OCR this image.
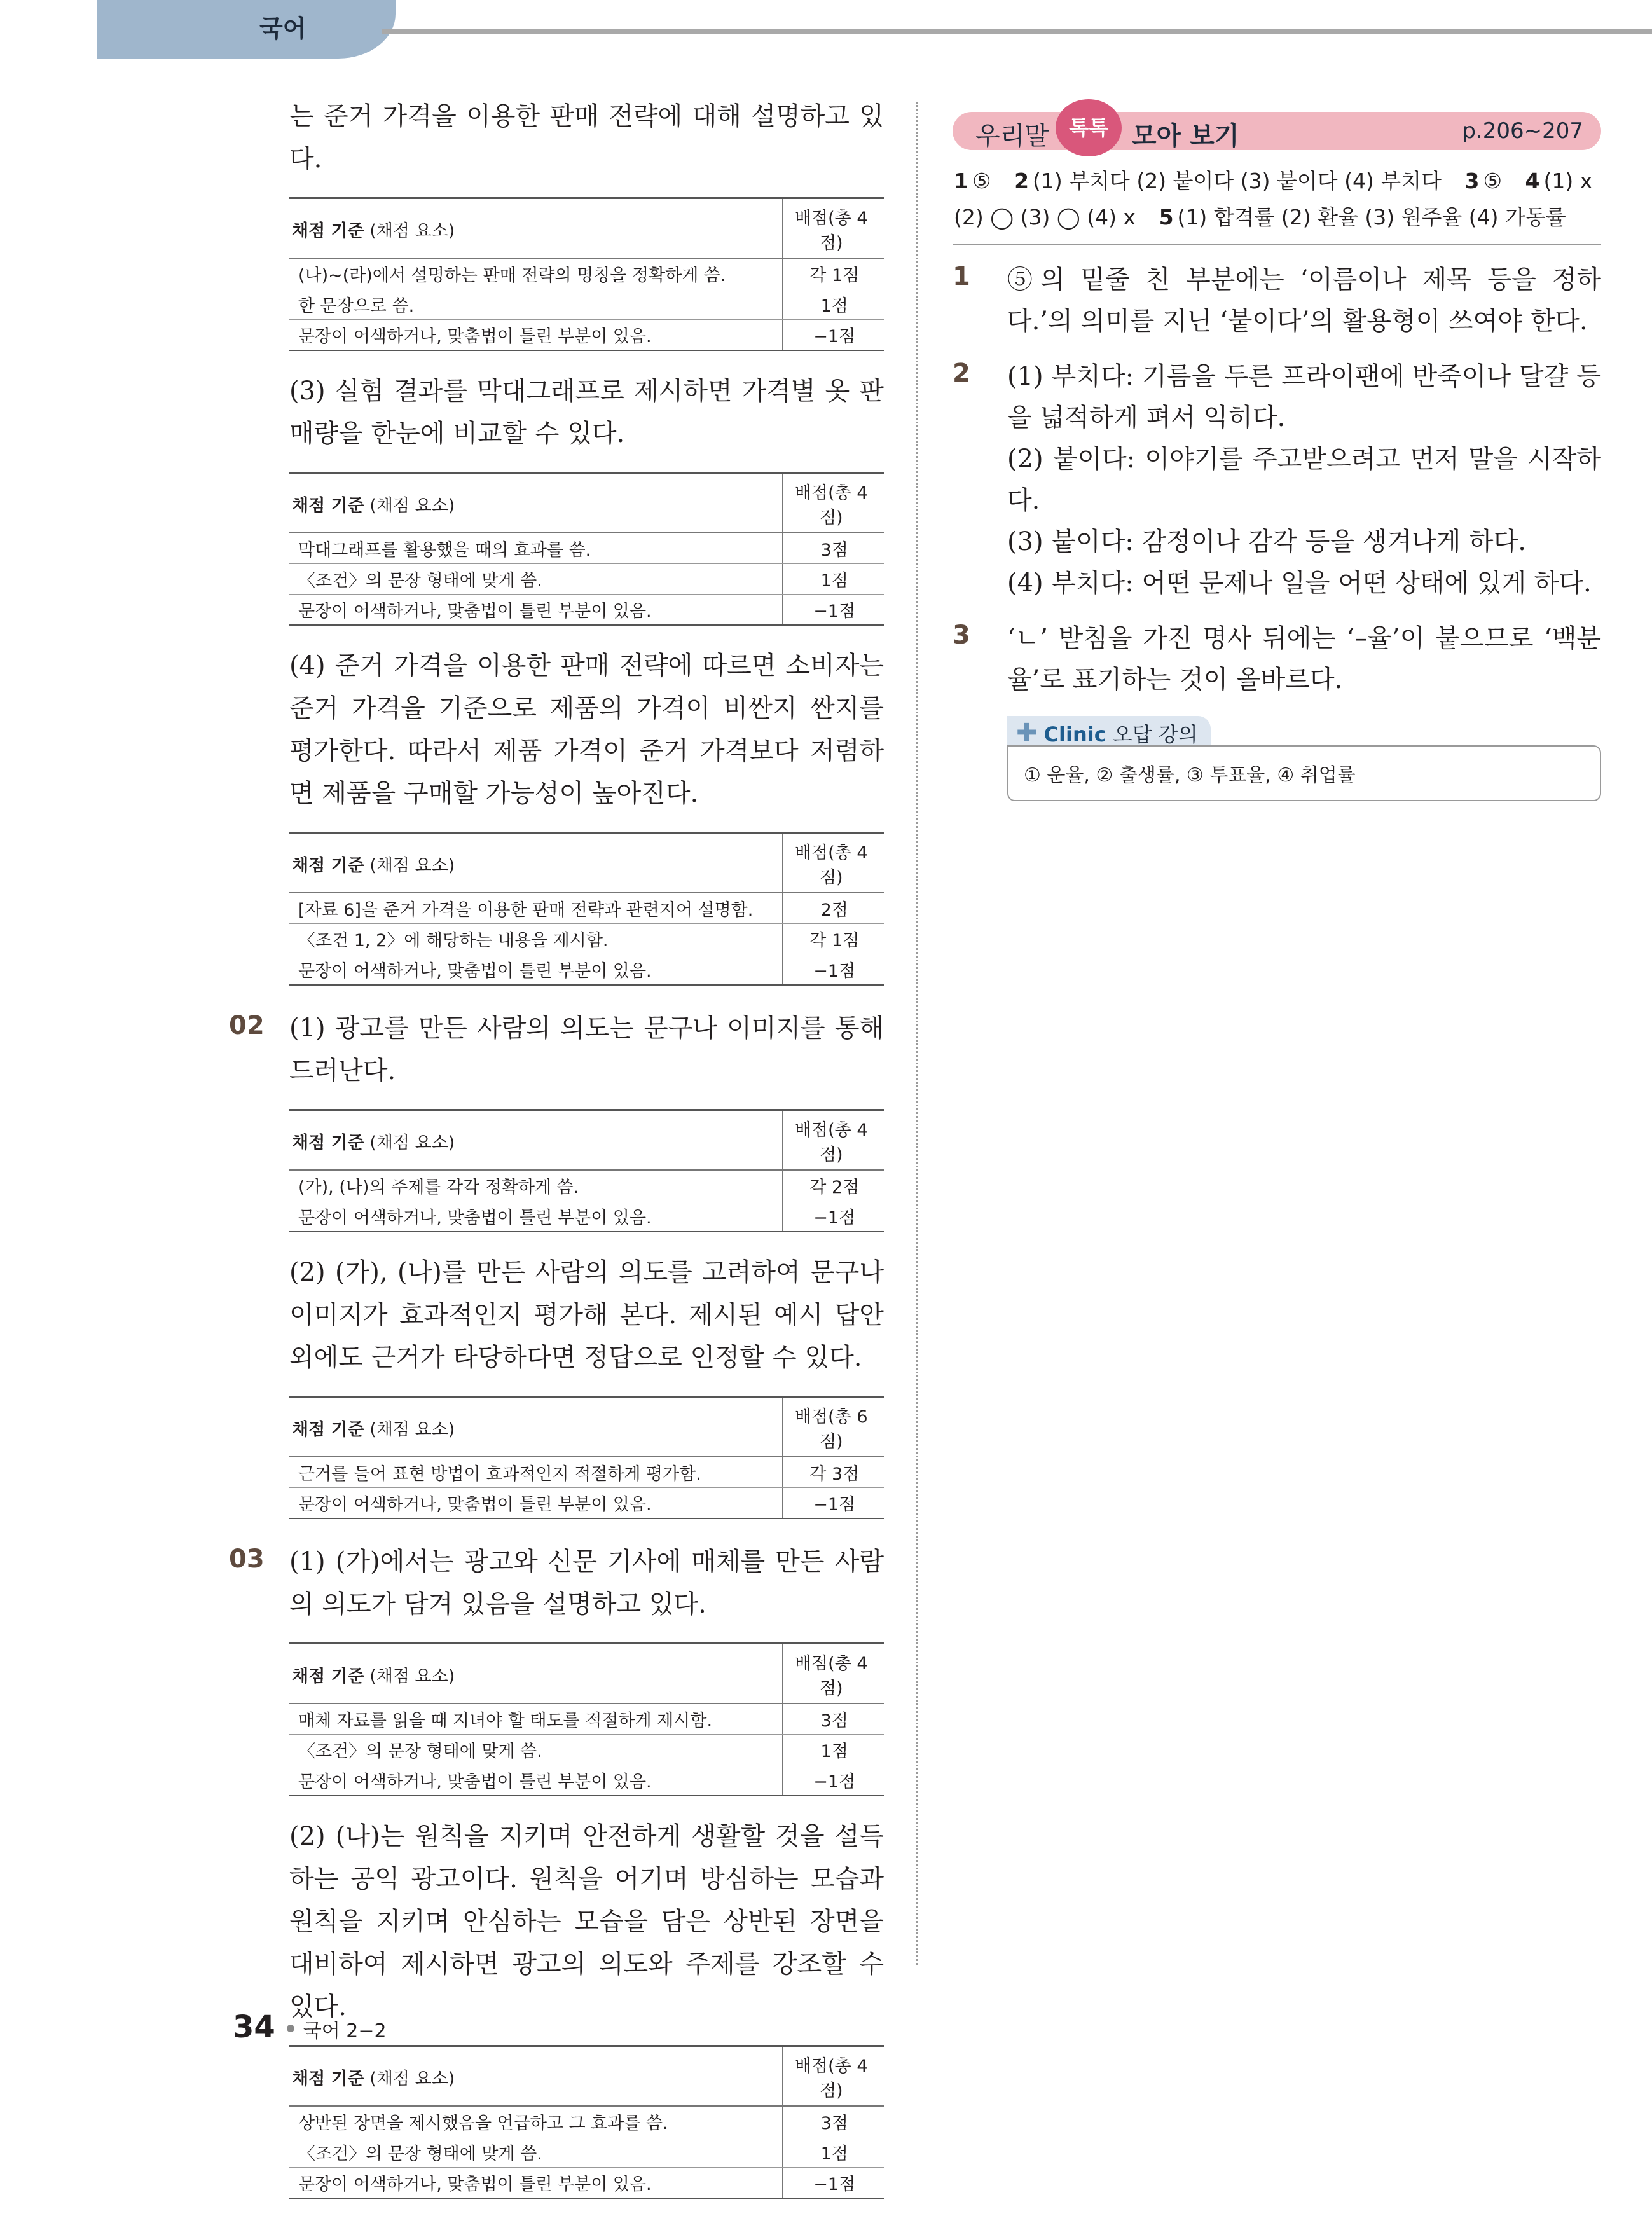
국어

는 준거 가격을 이용한 판매 전략에 대해 설명하고 있다.

채점 기준 (채점 요소)	배점(총 4점)
(나)~(라)에서 설명하는 판매 전략의 명칭을 정확하게 씀.	각 1점
한 문장으로 씀.	1점
문장이 어색하거나, 맞춤법이 틀린 부분이 있음.	−1점

(3) 실험 결과를 막대그래프로 제시하면 가격별 옷 판매량을 한눈에 비교할 수 있다.

채점 기준 (채점 요소)	배점(총 4점)
막대그래프를 활용했을 때의 효과를 씀.	3점
〈조건〉의 문장 형태에 맞게 씀.	1점
문장이 어색하거나, 맞춤법이 틀린 부분이 있음.	−1점

(4) 준거 가격을 이용한 판매 전략에 따르면 소비자는 준거 가격을 기준으로 제품의 가격이 비싼지 싼지를 평가한다. 따라서 제품 가격이 준거 가격보다 저렴하면 제품을 구매할 가능성이 높아진다.

채점 기준 (채점 요소)	배점(총 4점)
[자료 6]을 준거 가격을 이용한 판매 전략과 관련지어 설명함.	2점
〈조건 1, 2〉에 해당하는 내용을 제시함.	각 1점
문장이 어색하거나, 맞춤법이 틀린 부분이 있음.	−1점
02 (1) 광고를 만든 사람의 의도는 문구나 이미지를 통해 드러난다.

채점 기준 (채점 요소)	배점(총 4점)
(가), (나)의 주제를 각각 정확하게 씀.	각 2점
문장이 어색하거나, 맞춤법이 틀린 부분이 있음.	−1점

(2) (가), (나)를 만든 사람의 의도를 고려하여 문구나 이미지가 효과적인지 평가해 본다. 제시된 예시 답안 외에도 근거가 타당하다면 정답으로 인정할 수 있다.

채점 기준 (채점 요소)	배점(총 6점)
근거를 들어 표현 방법이 효과적인지 적절하게 평가함.	각 3점
문장이 어색하거나, 맞춤법이 틀린 부분이 있음.	−1점
03 (1) (가)에서는 광고와 신문 기사에 매체를 만든 사람의 의도가 담겨 있음을 설명하고 있다.

채점 기준 (채점 요소)	배점(총 4점)
매체 자료를 읽을 때 지녀야 할 태도를 적절하게 제시함.	3점
〈조건〉의 문장 형태에 맞게 씀.	1점
문장이 어색하거나, 맞춤법이 틀린 부분이 있음.	−1점

(2) (나)는 원칙을 지키며 안전하게 생활할 것을 설득하는 공익 광고이다. 원칙을 어기며 방심하는 모습과 원칙을 지키며 안심하는 모습을 담은 상반된 장면을 대비하여 제시하면 광고의 의도와 주제를 강조할 수 있다.

채점 기준 (채점 요소)	배점(총 4점)
상반된 장면을 제시했음을 언급하고 그 효과를 씀.	3점
〈조건〉의 문장 형태에 맞게 씀.	1점
문장이 어색하거나, 맞춤법이 틀린 부분이 있음.	−1점
우리말 톡톡 모아 보기	p.206~207
1 ⑤ 2 (1) 부치다 (2) 붙이다 (3) 붙이다 (4) 부치다 3 ⑤ 4 (1) x (2) ◯ (3) ◯ (4) x 5 (1) 합격률 (2) 환율 (3) 원주율 (4) 가동률
1 ⑤의 밑줄 친 부분에는 ‘이름이나 제목 등을 정하다.’의 의미를 지닌 ‘붙이다’의 활용형이 쓰여야 한다.
2 (1) 부치다: 기름을 두른 프라이팬에 반죽이나 달걀 등을 넓적하게 펴서 익히다.
(2) 붙이다: 이야기를 주고받으려고 먼저 말을 시작하다.
(3) 붙이다: 감정이나 감각 등을 생겨나게 하다.
(4) 부치다: 어떤 문제나 일을 어떤 상태에 있게 하다.
3 ‘ㄴ’ 받침을 가진 명사 뒤에는 ‘–율’이 붙으므로 ‘백분율’로 표기하는 것이 올바르다.
✚ Clinic 오답 강의
① 운율, ② 출생률, ③ 투표율, ④ 취업률
34 국어 2−2
